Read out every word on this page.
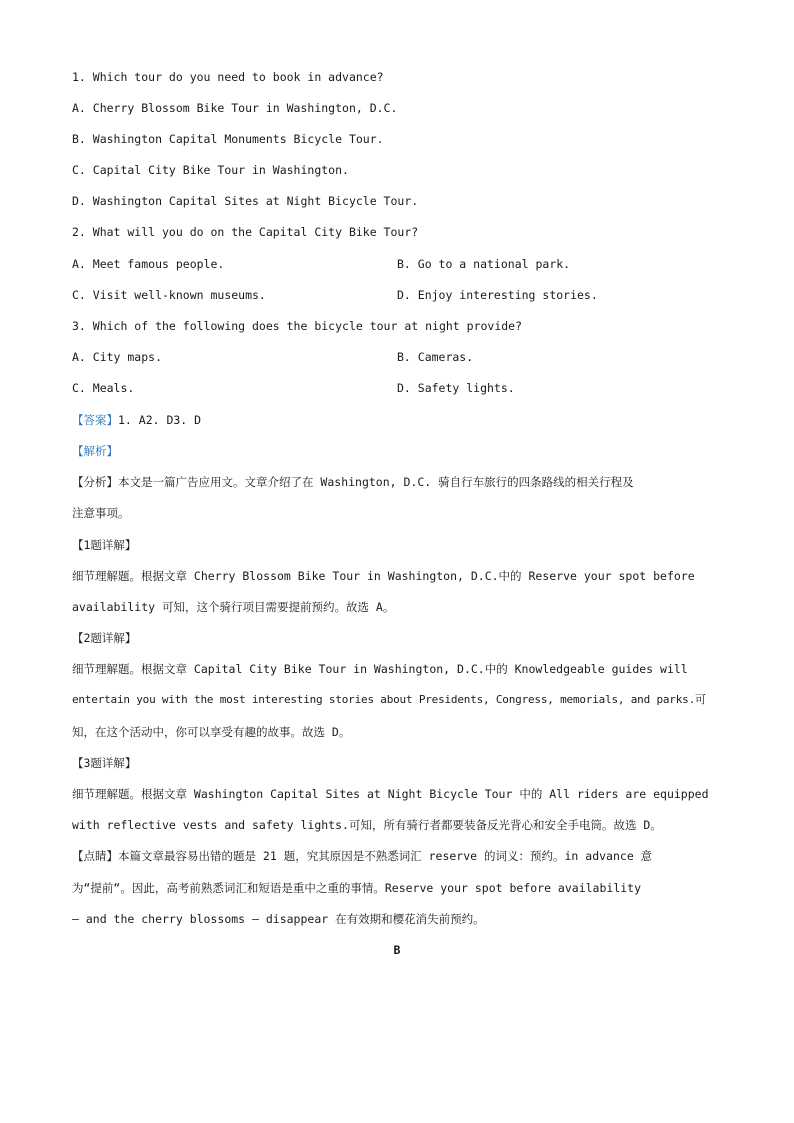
1. Which tour do you need to book in advance?
A. Cherry Blossom Bike Tour in Washington, D.C.
B. Washington Capital Monuments Bicycle Tour.
C. Capital City Bike Tour in Washington.
D. Washington Capital Sites at Night Bicycle Tour.
2. What will you do on the Capital City Bike Tour?
A. Meet famous people.	B. Go to a national park.
C. Visit well-known museums.	D. Enjoy interesting stories.
3. Which of the following does the bicycle tour at night provide?
A. City maps.	B. Cameras.
C. Meals.	D. Safety lights.
【答案】1. A2. D3. D
【解析】
【分析】本文是一篇广告应用文。文章介绍了在 Washington, D.C. 骑自行车旅行的四条路线的相关行程及
注意事项。
【1题详解】
细节理解题。根据文章 Cherry Blossom Bike Tour in Washington, D.C.中的 Reserve your spot before
availability 可知，这个骑行项目需要提前预约。故选 A。
【2题详解】
细节理解题。根据文章 Capital City Bike Tour in Washington, D.C.中的 Knowledgeable guides will
entertain you with the most interesting stories about Presidents, Congress, memorials, and parks.可
知，在这个活动中，你可以享受有趣的故事。故选 D。
【3题详解】
细节理解题。根据文章 Washington Capital Sites at Night Bicycle Tour 中的 All riders are equipped
with reflective vests and safety lights.可知，所有骑行者都要装备反光背心和安全手电筒。故选 D。
【点睛】本篇文章最容易出错的题是 21 题，究其原因是不熟悉词汇 reserve 的词义：预约。in advance 意
为“提前“。因此，高考前熟悉词汇和短语是重中之重的事情。Reserve your spot before availability
— and the cherry blossoms — disappear 在有效期和樱花消失前预约。
B
